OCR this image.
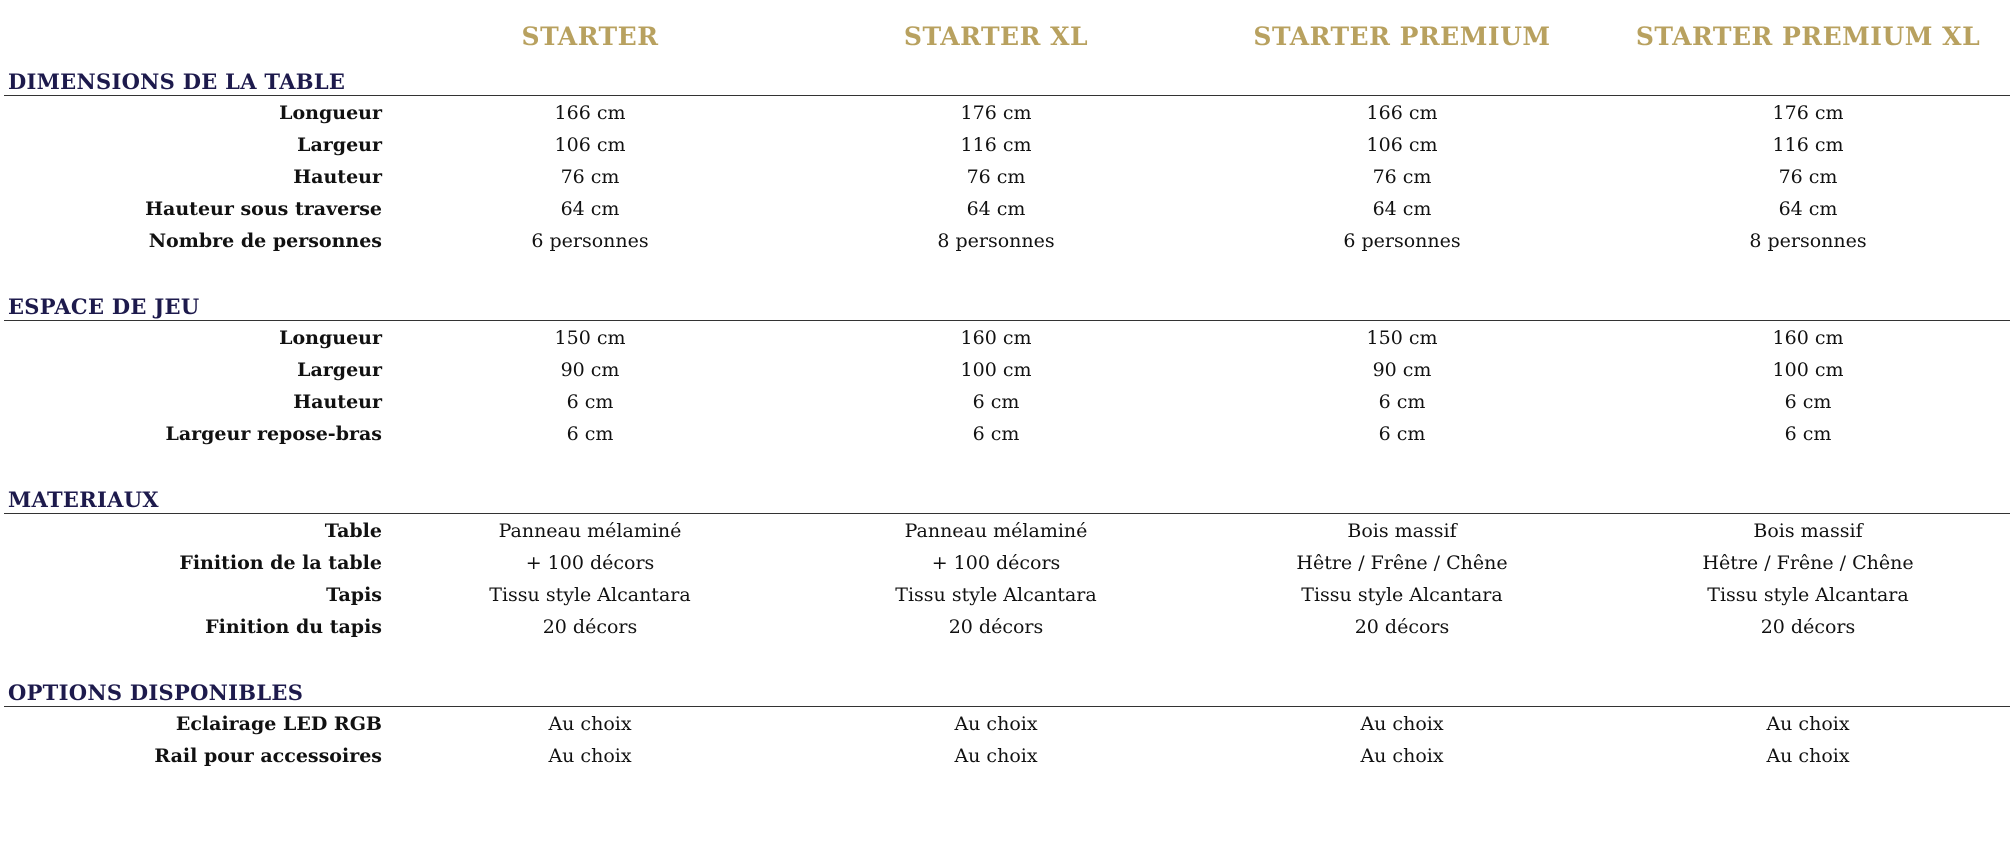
STARTER	STARTER XL	STARTER PREMIUM	STARTER PREMIUM XL
DIMENSIONS DE LA TABLE
Longueur	166 cm	176 cm	166 cm	176 cm
Largeur	106 cm	116 cm	106 cm	116 cm
Hauteur	76 cm	76 cm	76 cm	76 cm
Hauteur sous traverse	64 cm	64 cm	64 cm	64 cm
Nombre de personnes	6 personnes	8 personnes	6 personnes	8 personnes
ESPACE DE JEU
Longueur	150 cm	160 cm	150 cm	160 cm
Largeur	90 cm	100 cm	90 cm	100 cm
Hauteur	6 cm	6 cm	6 cm	6 cm
Largeur repose-bras	6 cm	6 cm	6 cm	6 cm
MATERIAUX
Table	Panneau mélaminé	Panneau mélaminé	Bois massif	Bois massif
Finition de la table	+ 100 décors	+ 100 décors	Hêtre / Frêne / Chêne	Hêtre / Frêne / Chêne
Tapis	Tissu style Alcantara	Tissu style Alcantara	Tissu style Alcantara	Tissu style Alcantara
Finition du tapis	20 décors	20 décors	20 décors	20 décors
OPTIONS DISPONIBLES
Eclairage LED RGB	Au choix	Au choix	Au choix	Au choix
Rail pour accessoires	Au choix	Au choix	Au choix	Au choix
